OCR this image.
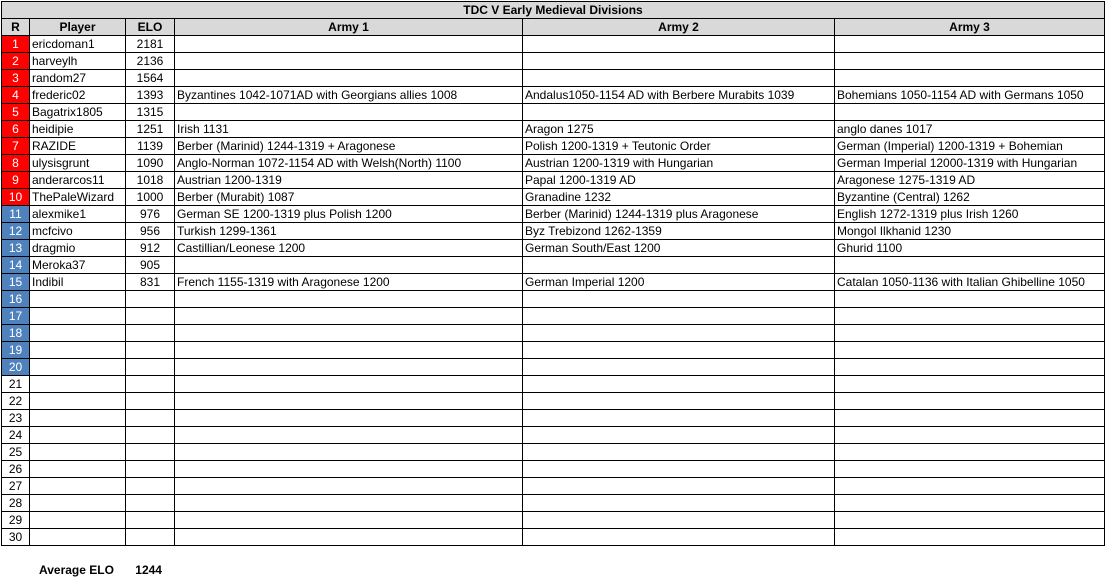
TDC V Early Medieval Divisions					
R	Player	ELO	Army 1	Army 2	Army 3
1	ericdoman1	2181			
2	harveylh	2136			
3	random27	1564			
4	frederic02	1393	Byzantines 1042-1071AD with Georgians allies 1008	Andalus1050-1154 AD with Berbere Murabits 1039	Bohemians 1050-1154 AD with Germans 1050
5	Bagatrix1805	1315			
6	heidipie	1251	Irish 1131	Aragon 1275	anglo danes 1017
7	RAZIDE	1139	Berber (Marinid) 1244-1319 + Aragonese	Polish 1200-1319 + Teutonic Order	German (Imperial) 1200-1319 + Bohemian
8	ulysisgrunt	1090	Anglo-Norman 1072-1154 AD with Welsh(North) 1100	Austrian 1200-1319 with Hungarian	German Imperial 12000-1319 with Hungarian
9	anderarcos11	1018	Austrian 1200-1319	Papal 1200-1319 AD	Aragonese 1275-1319 AD
10	ThePaleWizard	1000	Berber (Murabit) 1087	Granadine 1232	Byzantine (Central) 1262
11	alexmike1	976	German SE 1200-1319 plus Polish 1200	Berber (Marinid) 1244-1319 plus Aragonese	English 1272-1319 plus Irish 1260
12	mcfcivo	956	Turkish 1299-1361	Byz Trebizond 1262-1359	Mongol Ilkhanid 1230
13	dragmio	912	Castillian/Leonese 1200	German South/East 1200	Ghurid 1100
14	Meroka37	905			
15	Indibil	831	French 1155-1319 with Aragonese 1200	German Imperial 1200	Catalan 1050-1136 with Italian Ghibelline 1050
16					
17					
18					
19					
20					
21					
22					
23					
24					
25					
26					
27					
28					
29					
30					
Average ELO 1244
